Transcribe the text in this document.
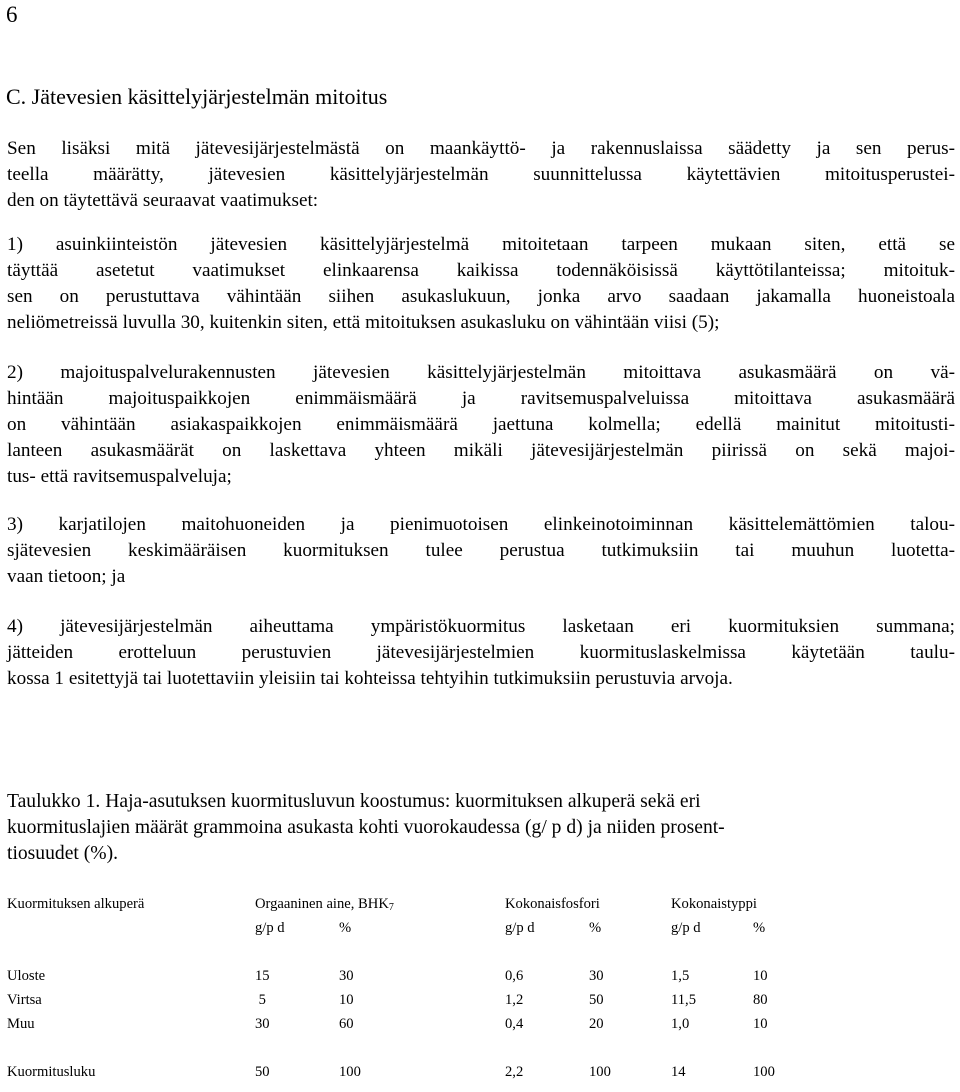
6
C. Jätevesien käsittelyjärjestelmän mitoitus

Sen lisäksi mitä jätevesijärjestelmästä on maankäyttö- ja rakennuslaissa säädetty ja sen perus-
teella määrätty, jätevesien käsittelyjärjestelmän suunnittelussa käytettävien mitoitusperustei-
den on täytettävä seuraavat vaatimukset:

1) asuinkiinteistön jätevesien käsittelyjärjestelmä mitoitetaan tarpeen mukaan siten, että se
täyttää asetetut vaatimukset elinkaarensa kaikissa todennäköisissä käyttötilanteissa; mitoituk-
sen on perustuttava vähintään siihen asukaslukuun, jonka arvo saadaan jakamalla huoneistoala
neliömetreissä luvulla 30, kuitenkin siten, että mitoituksen asukasluku on vähintään viisi (5);

2) majoituspalvelurakennusten jätevesien käsittelyjärjestelmän mitoittava asukasmäärä on vä-
hintään majoituspaikkojen enimmäismäärä ja ravitsemuspalveluissa mitoittava asukasmäärä
on vähintään asiakaspaikkojen enimmäismäärä jaettuna kolmella; edellä mainitut mitoitusti-
lanteen asukasmäärät on laskettava yhteen mikäli jätevesijärjestelmän piirissä on sekä majoi-
tus- että ravitsemuspalveluja;

3) karjatilojen maitohuoneiden ja pienimuotoisen elinkeinotoiminnan käsittelemättömien talou-
sjätevesien keskimääräisen kuormituksen tulee perustua tutkimuksiin tai muuhun luotetta-
vaan tietoon; ja

4) jätevesijärjestelmän aiheuttama ympäristökuormitus lasketaan eri kuormituksien summana;
jätteiden erotteluun perustuvien jätevesijärjestelmien kuormituslaskelmissa käytetään taulu-
kossa 1 esitettyjä tai luotettaviin yleisiin tai kohteissa tehtyihin tutkimuksiin perustuvia arvoja.

Taulukko 1. Haja-asutuksen kuormitusluvun koostumus: kuormituksen alkuperä sekä eri
kuormituslajien määrät grammoina asukasta kohti vuorokaudessa (g/ p d) ja niiden prosent-
tiosuudet (%).
Kuormituksen alkuperä	Orgaaninen aine, $BHK_7$		Kokonaisfosfori		Kokonaistyppi	
	g/p d	%	g/p d	%	g/p d	%

Uloste	15	30	0,6	30	1,5	10
Virtsa	5	10	1,2	50	11,5	80
Muu	30	60	0,4	20	1,0	10

Kuormitusluku	50	100	2,2	100	14	100
